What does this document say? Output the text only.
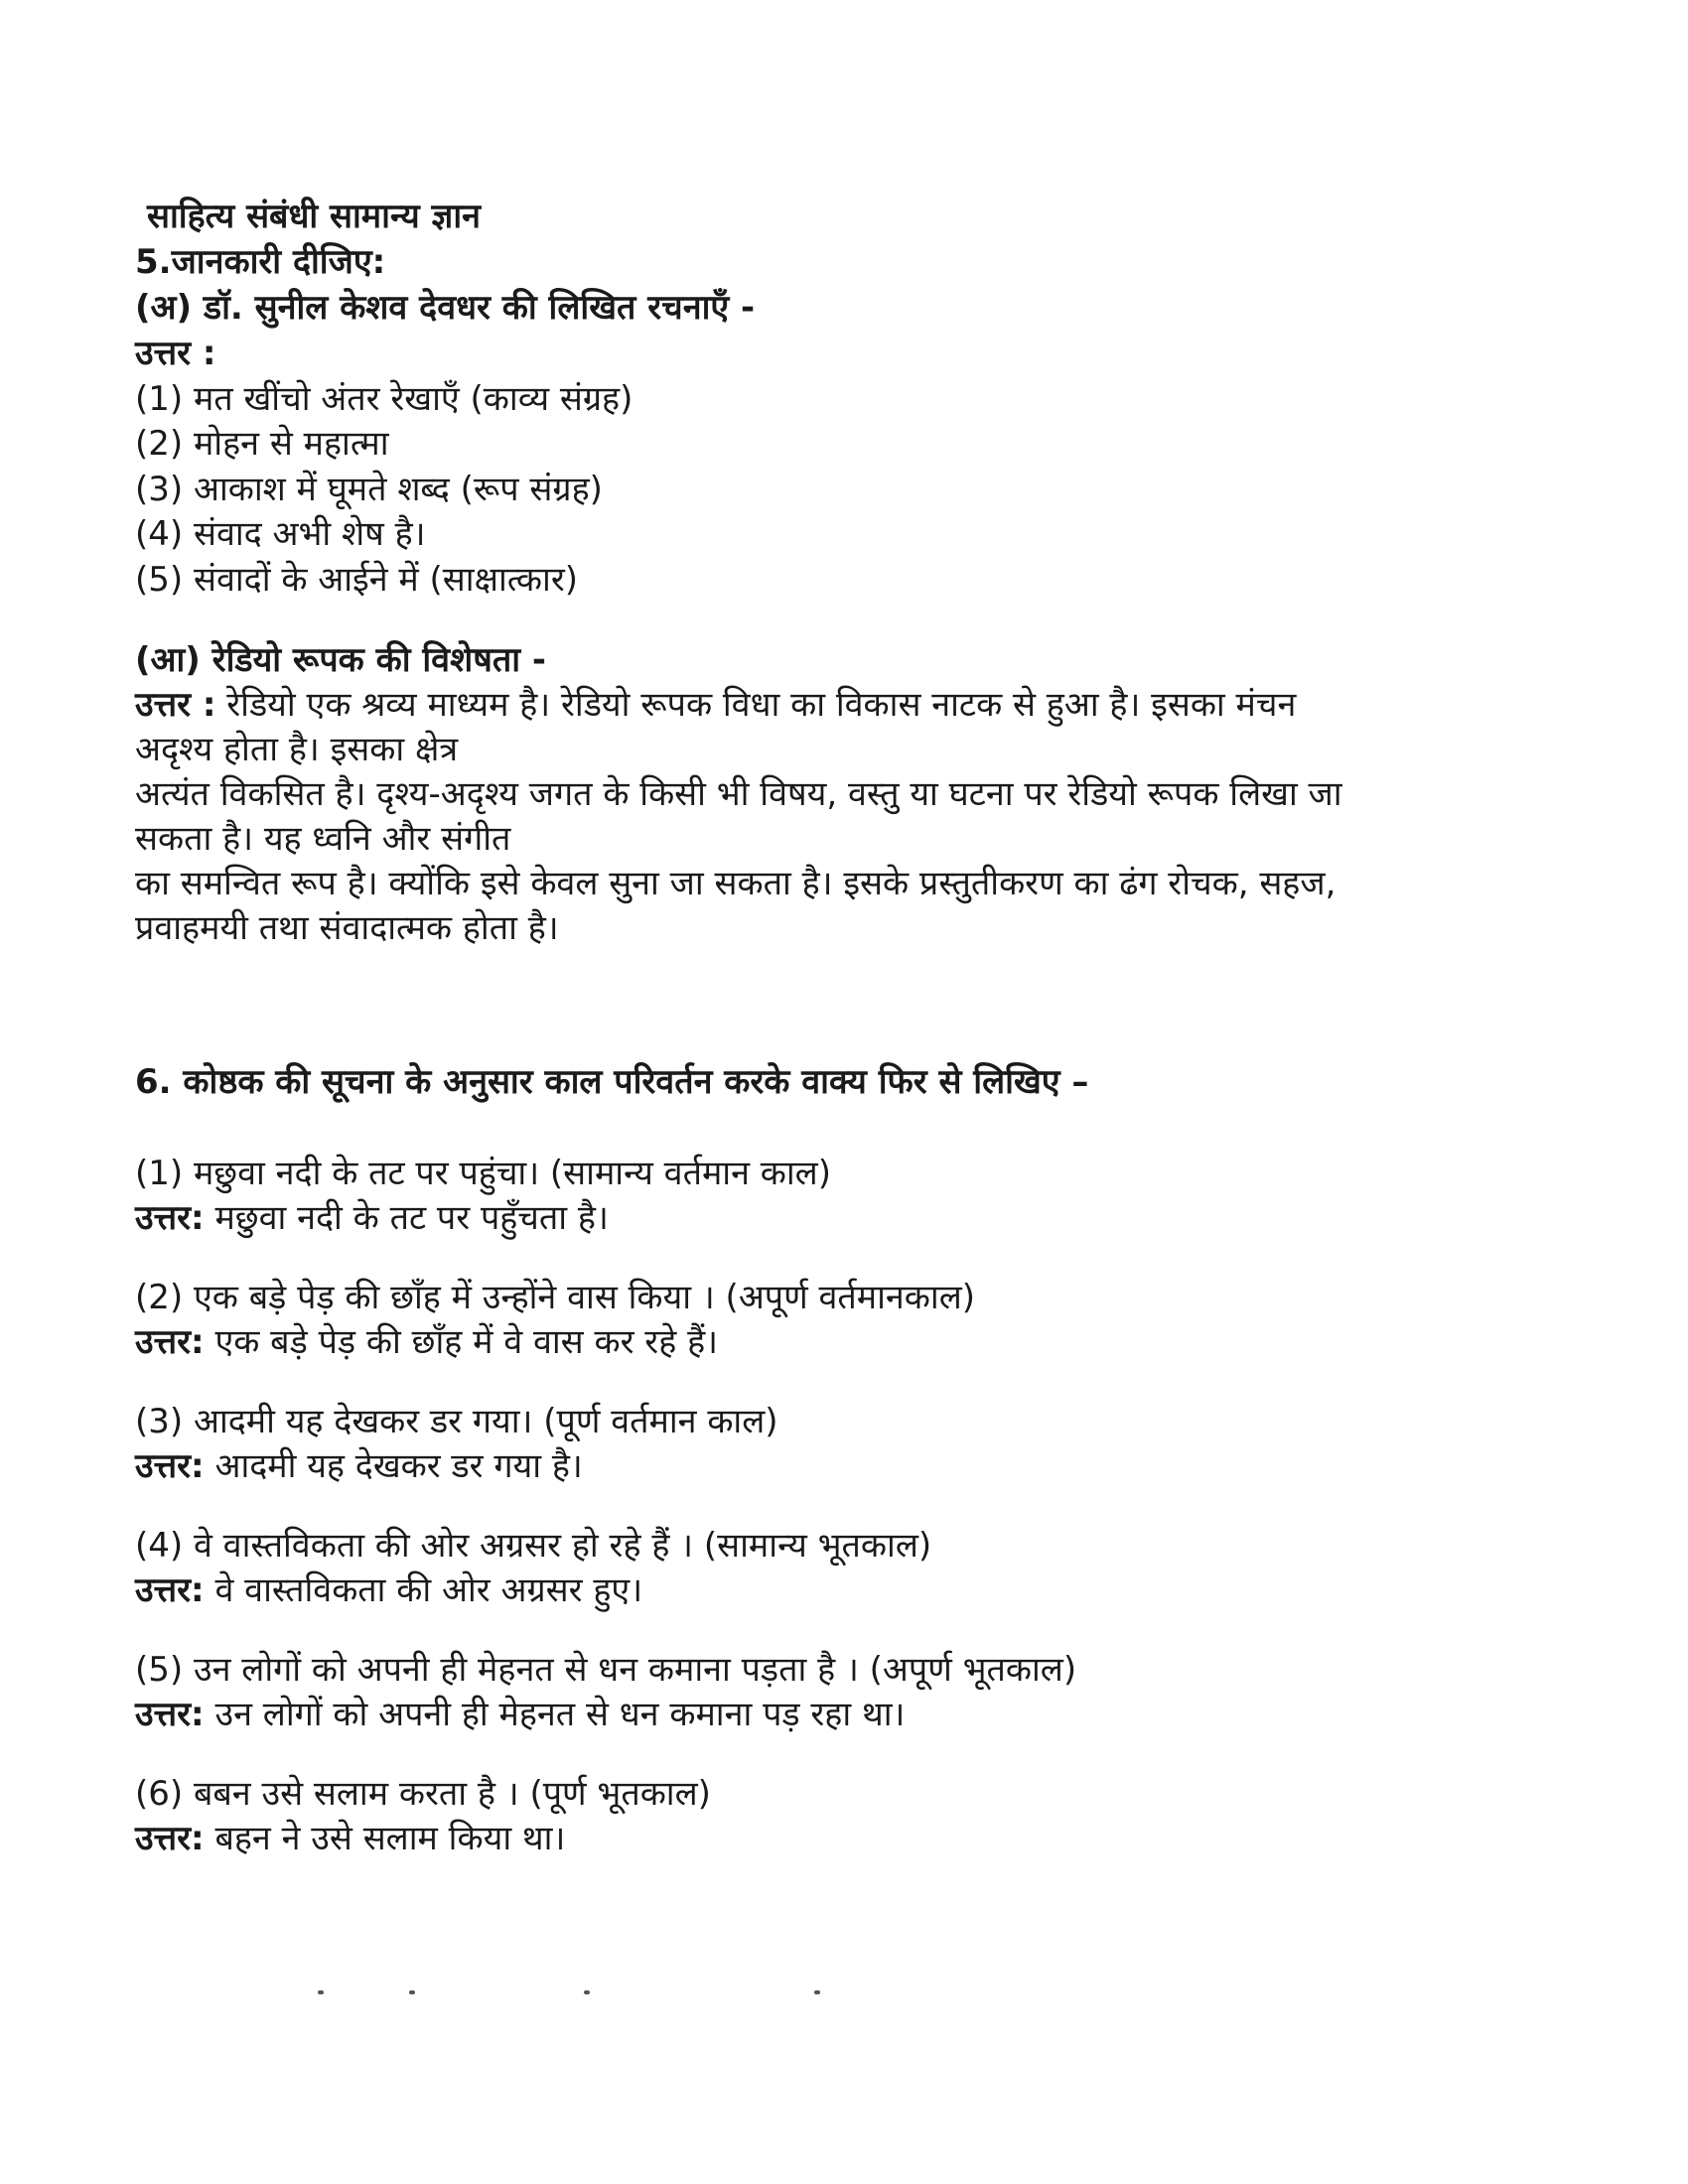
साहित्य संबंधी सामान्य ज्ञान
5.जानकारी दीजिए:
(अ) डॉ. सुनील केशव देवधर की लिखित रचनाएँ -
उत्तर :
(1) मत खींचो अंतर रेखाएँ (काव्य संग्रह)
(2) मोहन से महात्मा
(3) आकाश में घूमते शब्द (रूप संग्रह)
(4) संवाद अभी शेष है।
(5) संवादों के आईने में (साक्षात्कार)
(आ) रेडियो रूपक की विशेषता -
उत्तर : रेडियो एक श्रव्य माध्यम है। रेडियो रूपक विधा का विकास नाटक से हुआ है। इसका मंचन
अदृश्य होता है। इसका क्षेत्र
अत्यंत विकसित है। दृश्य-अदृश्य जगत के किसी भी विषय, वस्तु या घटना पर रेडियो रूपक लिखा जा
सकता है। यह ध्वनि और संगीत
का समन्वित रूप है। क्योंकि इसे केवल सुना जा सकता है। इसके प्रस्तुतीकरण का ढंग रोचक, सहज,
प्रवाहमयी तथा संवादात्मक होता है।
6. कोष्ठक की सूचना के अनुसार काल परिवर्तन करके वाक्य फिर से लिखिए –
(1) मछुवा नदी के तट पर पहुंचा। (सामान्य वर्तमान काल)
उत्तर: मछुवा नदी के तट पर पहुँचता है।
(2) एक बड़े पेड़ की छाँह में उन्होंने वास किया । (अपूर्ण वर्तमानकाल)
उत्तर: एक बड़े पेड़ की छाँह में वे वास कर रहे हैं।
(3) आदमी यह देखकर डर गया। (पूर्ण वर्तमान काल)
उत्तर: आदमी यह देखकर डर गया है।
(4) वे वास्तविकता की ओर अग्रसर हो रहे हैं । (सामान्य भूतकाल)
उत्तर: वे वास्तविकता की ओर अग्रसर हुए।
(5) उन लोगों को अपनी ही मेहनत से धन कमाना पड़ता है । (अपूर्ण भूतकाल)
उत्तर: उन लोगों को अपनी ही मेहनत से धन कमाना पड़ रहा था।
(6) बबन उसे सलाम करता है । (पूर्ण भूतकाल)
उत्तर: बहन ने उसे सलाम किया था।
